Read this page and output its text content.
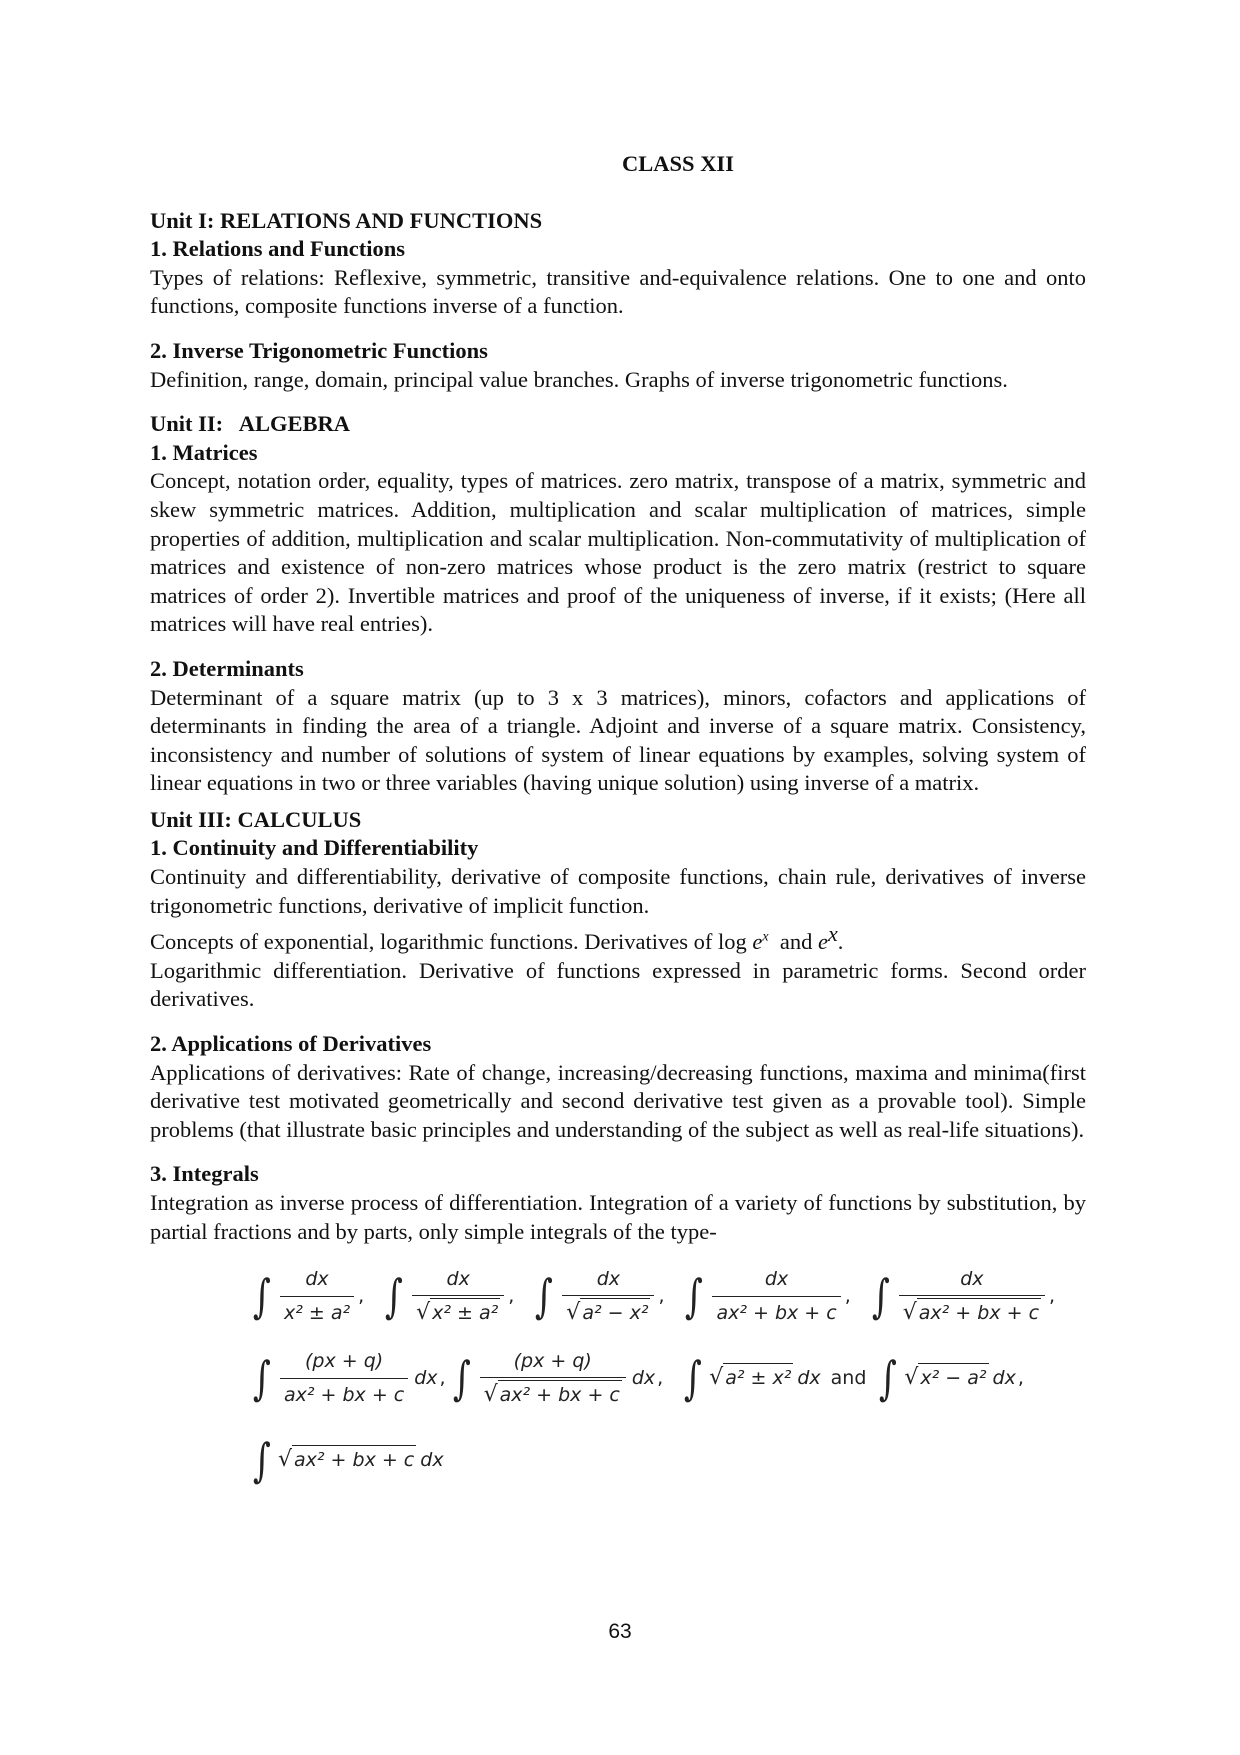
CLASS XII
Unit I: RELATIONS AND FUNCTIONS
1. Relations and Functions

Types of relations: Reflexive, symmetric, transitive and-equivalence relations. One to one and onto functions, composite functions inverse of a function.

2. Inverse Trigonometric Functions

Definition, range, domain, principal value branches. Graphs of inverse trigonometric functions.

Unit II:   ALGEBRA
1. Matrices

Concept, notation order, equality, types of matrices. zero matrix, transpose of a matrix, symmetric and skew symmetric matrices. Addition, multiplication and scalar multiplication of matrices, simple properties of addition, multiplication and scalar multiplication. Non-commutativity of multiplication of matrices and existence of non-zero matrices whose product is the zero matrix (restrict to square matrices of order 2). Invertible matrices and proof of the uniqueness of inverse, if it exists; (Here all matrices will have real entries).

2. Determinants

Determinant of a square matrix (up to 3 x 3 matrices), minors, cofactors and applications of determinants in finding the area of a triangle. Adjoint and inverse of a square matrix. Consistency, inconsistency and number of solutions of system of linear equations by examples, solving system of linear equations in two or three variables (having unique solution) using inverse of a matrix.

Unit III: CALCULUS
1. Continuity and Differentiability

Continuity and differentiability, derivative of composite functions, chain rule, derivatives of inverse trigonometric functions, derivative of implicit function.

Concepts of exponential, logarithmic functions. Derivatives of $\log e^x$  and ex.

Logarithmic differentiation. Derivative of functions expressed in parametric forms. Second order derivatives.

2. Applications of Derivatives

Applications of derivatives: Rate of change, increasing/decreasing functions, maxima and minima(first derivative test motivated geometrically and second derivative test given as a provable tool). Simple problems (that illustrate basic principles and understanding of the subject as well as real-life situations).

3. Integrals

Integration as inverse process of differentiation. Integration of a variety of functions by substitution, by partial fractions and by parts, only simple integrals of the type-

∫ $\frac{dx}{\text{x² ± a²}}$ , ∫ $\frac{dx}{\text{√ x² ± a²}}$ , ∫ $\frac{dx}{\text{√ a² − x²}}$ , ∫ $\frac{dx}{\text{ax² + bx + c}}$ , ∫ $\frac{dx}{\text{√ ax² + bx + c}}$ ,
∫ $\frac{(px + q)}{\text{ax² + bx + c}}$ dx , ∫ $\frac{(px + q)}{\text{√ ax² + bx + c}}$ dx , ∫ √ a² ± x² dx and ∫ √ x² − a² dx ,
∫ √ ax² + bx + c dx
63
